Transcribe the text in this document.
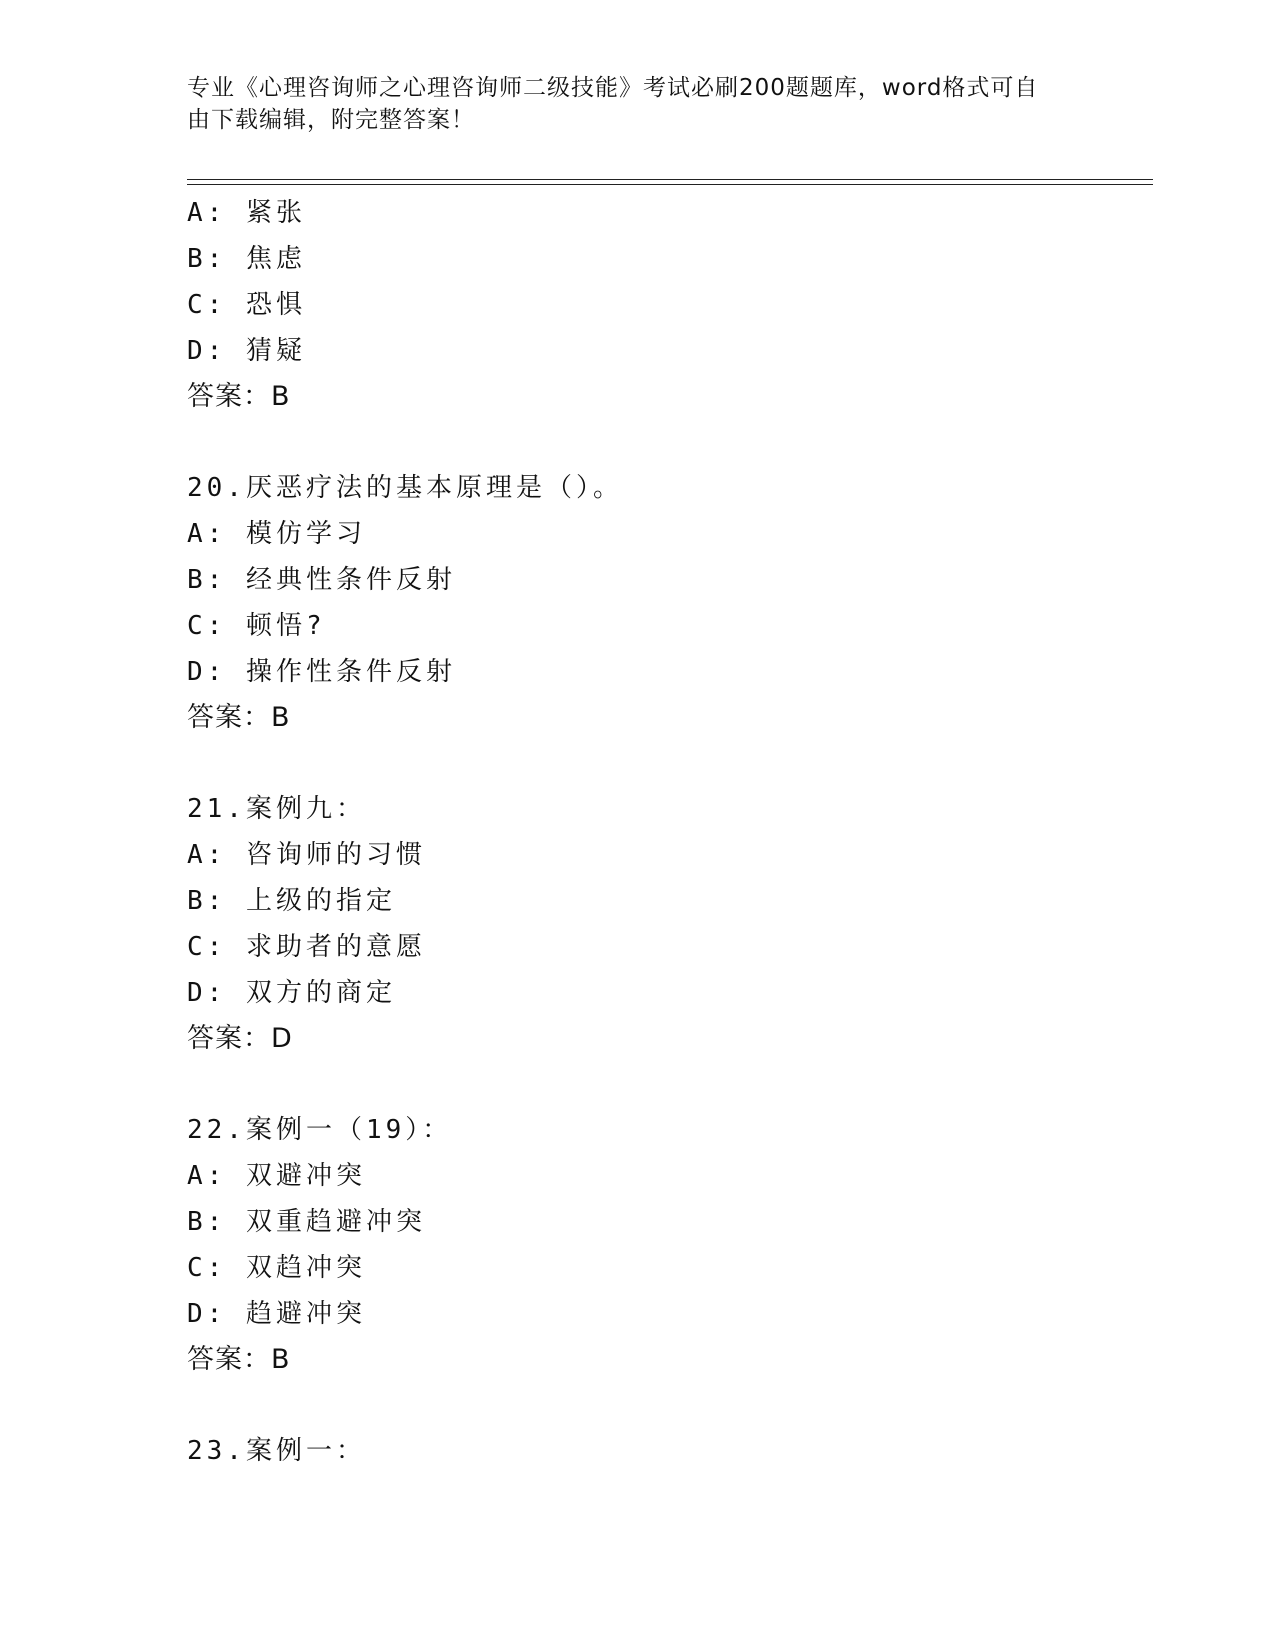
专业《心理咨询师之心理咨询师二级技能》考试必刷200题题库，word格式可自
由下载编辑，附完整答案！
A: 紧张
B: 焦虑
C: 恐惧
D: 猜疑
答案：B
20.厌恶疗法的基本原理是（）。
A: 模仿学习
B: 经典性条件反射
C: 顿悟?
D: 操作性条件反射
答案：B
21.案例九：
A: 咨询师的习惯
B: 上级的指定
C: 求助者的意愿
D: 双方的商定
答案：D
22.案例一（19）：
A: 双避冲突
B: 双重趋避冲突
C: 双趋冲突
D: 趋避冲突
答案：B
23.案例一：
